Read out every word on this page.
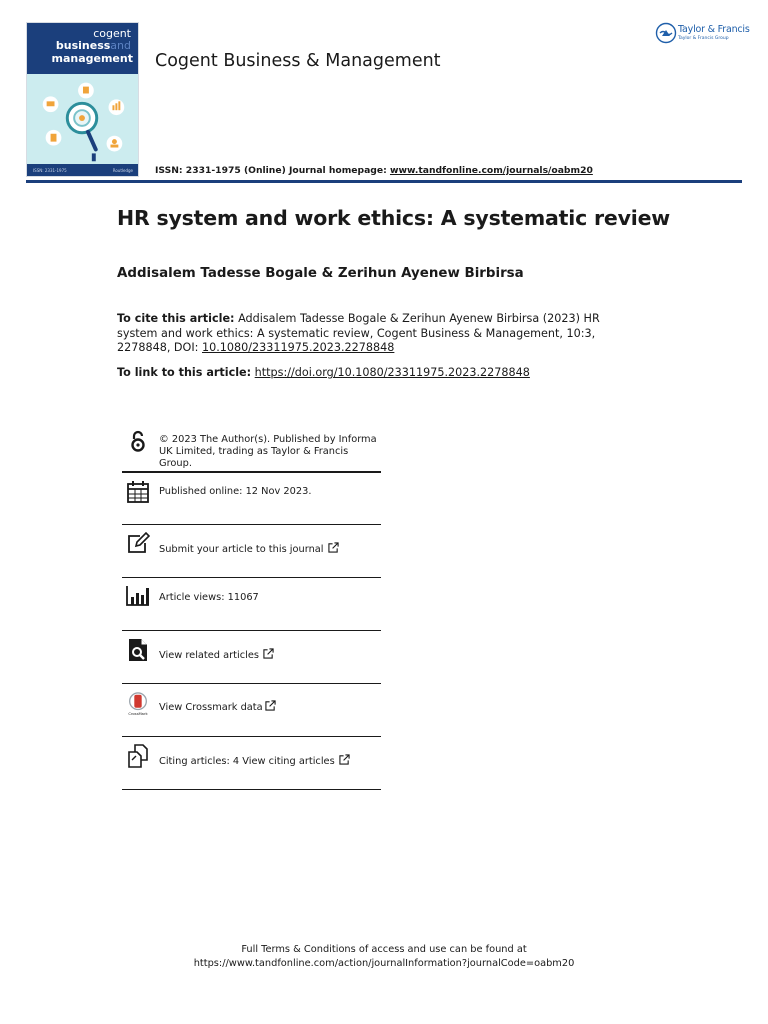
cogent
businessand
management
ISSN: 2331-1975	Routledge
Cogent Business & Management
ISSN: 2331-1975 (Online) Journal homepage: www.tandfonline.com/journals/oabm20
Taylor & Francis
Taylor & Francis Group
HR system and work ethics: A systematic review
Addisalem Tadesse Bogale & Zerihun Ayenew Birbirsa
To cite this article: Addisalem Tadesse Bogale & Zerihun Ayenew Birbirsa (2023) HR system and work ethics: A systematic review, Cogent Business & Management, 10:3, 2278848, DOI: 10.1080/23311975.2023.2278848
To link to this article: https://doi.org/10.1080/23311975.2023.2278848
© 2023 The Author(s). Published by Informa UK Limited, trading as Taylor & Francis Group.
Published online: 12 Nov 2023.
Submit your article to this journal
Article views: 11067
View related articles
CrossMark
View Crossmark data
Citing articles: 4 View citing articles
Full Terms & Conditions of access and use can be found at
https://www.tandfonline.com/action/journalInformation?journalCode=oabm20
